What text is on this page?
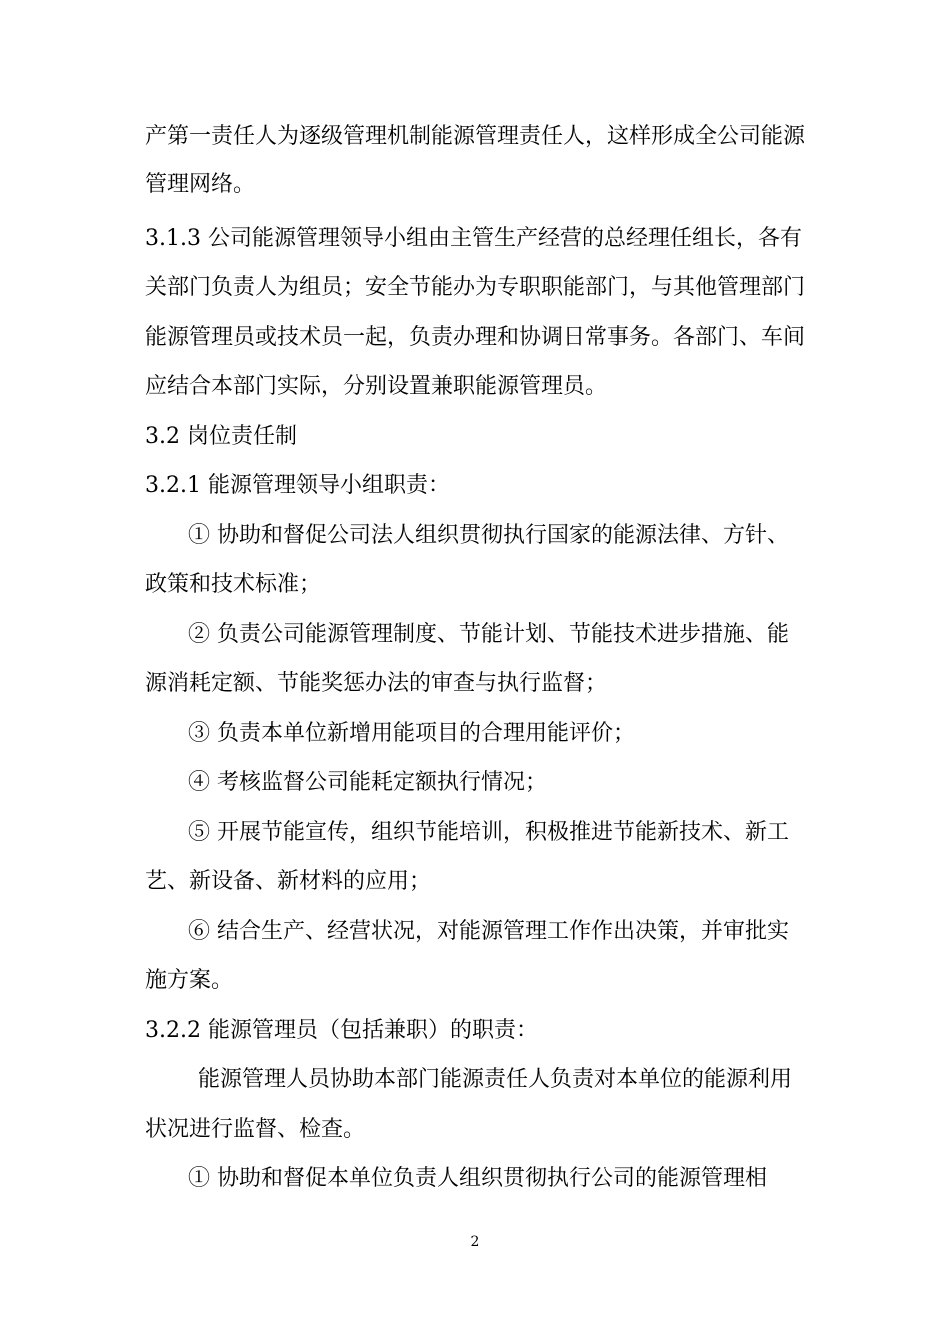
产第一责任人为逐级管理机制能源管理责任人，这样形成全公司能源
管理网络。
3.1.3 公司能源管理领导小组由主管生产经营的总经理任组长，各有
关部门负责人为组员；安全节能办为专职职能部门，与其他管理部门
能源管理员或技术员一起，负责办理和协调日常事务。各部门、车间
应结合本部门实际，分别设置兼职能源管理员。
3.2 岗位责任制
3.2.1 能源管理领导小组职责：
① 协助和督促公司法人组织贯彻执行国家的能源法律、方针、
政策和技术标准；
② 负责公司能源管理制度、节能计划、节能技术进步措施、能
源消耗定额、节能奖惩办法的审查与执行监督；
③ 负责本单位新增用能项目的合理用能评价；
④ 考核监督公司能耗定额执行情况；
⑤ 开展节能宣传，组织节能培训，积极推进节能新技术、新工
艺、新设备、新材料的应用；
⑥ 结合生产、经营状况，对能源管理工作作出决策，并审批实
施方案。
3.2.2 能源管理员（包括兼职）的职责：
能源管理人员协助本部门能源责任人负责对本单位的能源利用
状况进行监督、检查。
① 协助和督促本单位负责人组织贯彻执行公司的能源管理相
2
